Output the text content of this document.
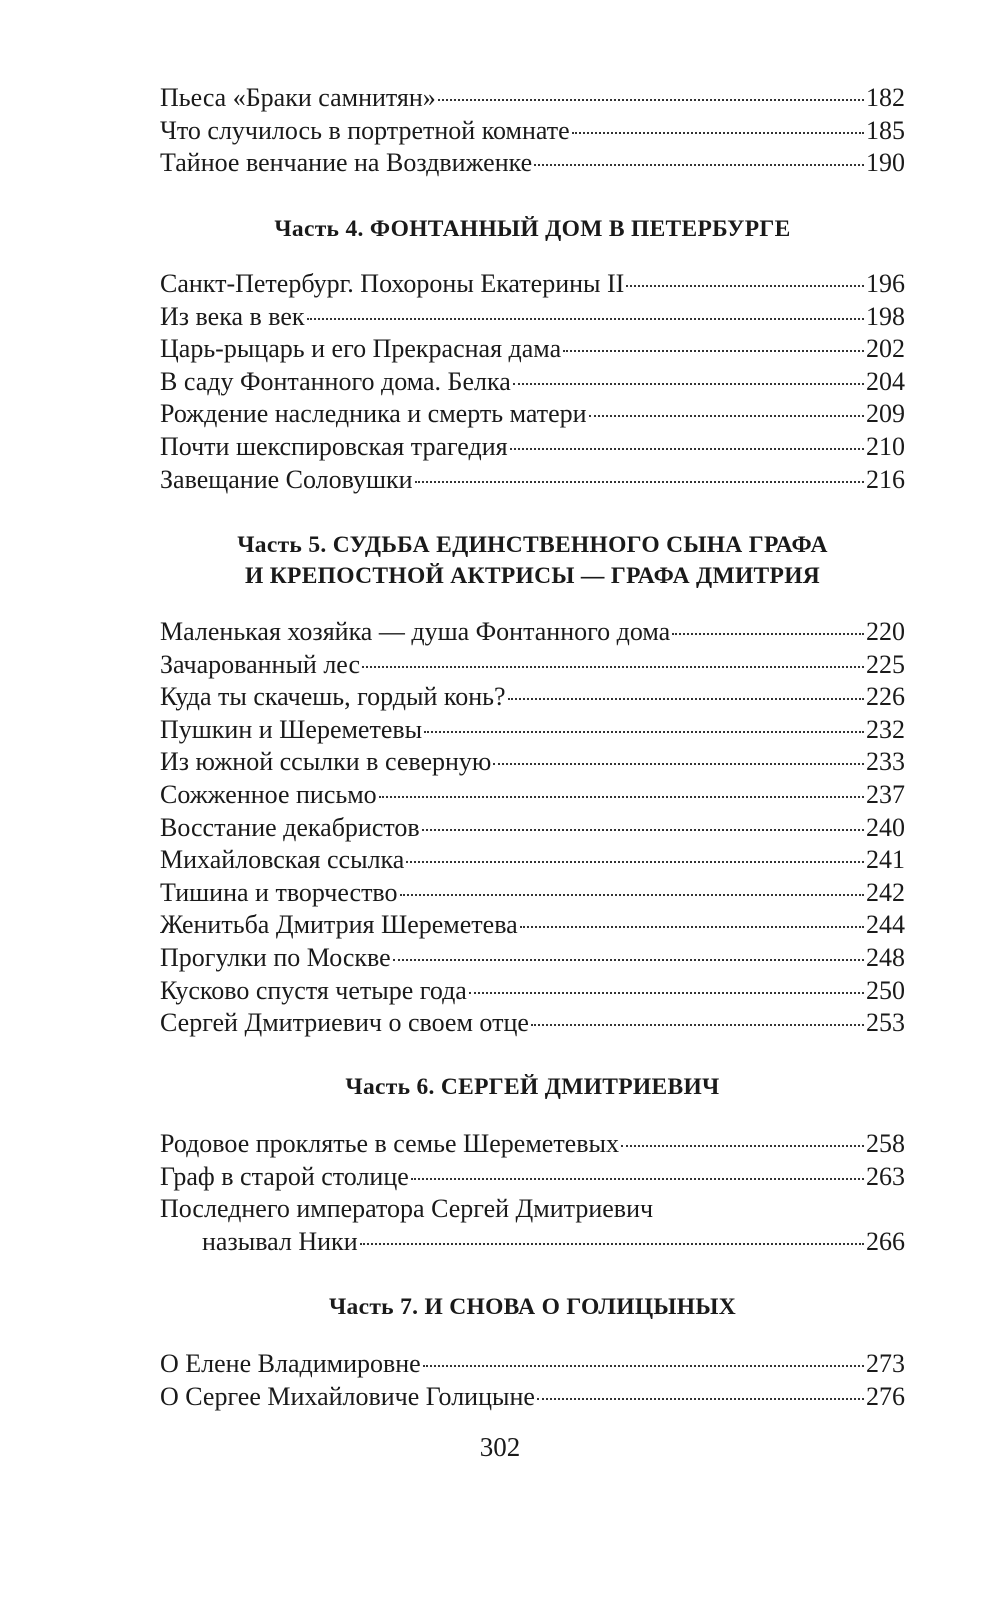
Пьеса «Браки самнитян»	182
Что случилось в портретной комнате	185
Тайное венчание на Воздвиженке	190
Часть 4. ФОНТАННЫЙ ДОМ В ПЕТЕРБУРГЕ
Санкт-Петербург. Похороны Екатерины II	196
Из века в век	198
Царь-рыцарь и его Прекрасная дама	202
В саду Фонтанного дома. Белка	204
Рождение наследника и смерть матери	209
Почти шекспировская трагедия	210
Завещание Соловушки	216
Часть 5. СУДЬБА ЕДИНСТВЕННОГО СЫНА ГРАФА
И КРЕПОСТНОЙ АКТРИСЫ — ГРАФА ДМИТРИЯ
Маленькая хозяйка — душа Фонтанного дома	220
Зачарованный лес	225
Куда ты скачешь, гордый конь?	226
Пушкин и Шереметевы	232
Из южной ссылки в северную	233
Сожженное письмо	237
Восстание декабристов	240
Михайловская ссылка	241
Тишина и творчество	242
Женитьба Дмитрия Шереметева	244
Прогулки по Москве	248
Кусково спустя четыре года	250
Сергей Дмитриевич о своем отце	253
Часть 6. СЕРГЕЙ ДМИТРИЕВИЧ
Родовое проклятье в семье Шереметевых	258
Граф в старой столице	263
Последнего императора Сергей Дмитриевич
называл Ники	266
Часть 7. И СНОВА О ГОЛИЦЫНЫХ
О Елене Владимировне	273
О Сергее Михайловиче Голицыне	276
302
